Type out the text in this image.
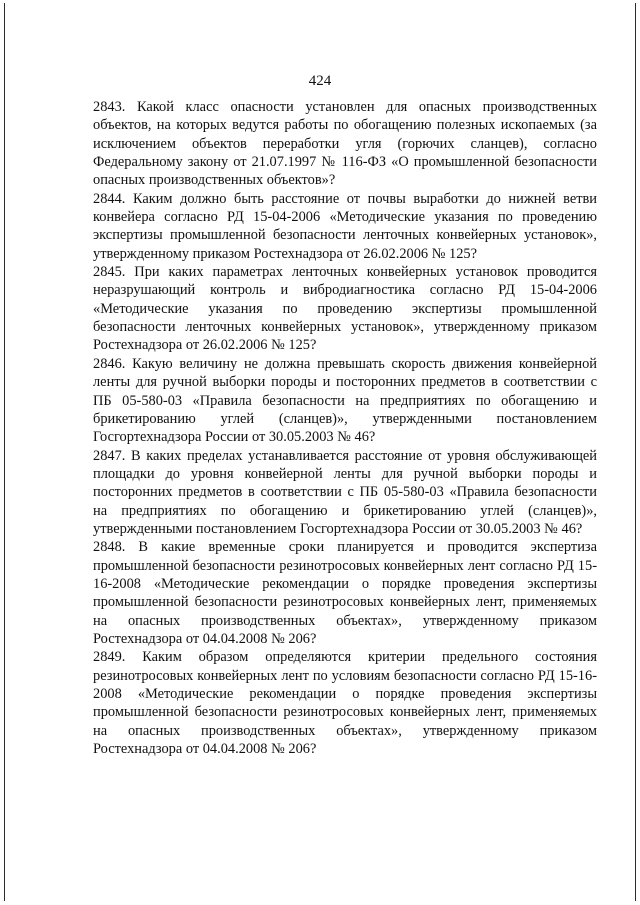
424

2843. Какой класс опасности установлен для опасных производственных объектов, на которых ведутся работы по обогащению полезных ископаемых (за исключением объектов переработки угля (горючих сланцев), согласно Федеральному закону от 21.07.1997 № 116-ФЗ «О промышленной безопасности опасных производственных объектов»?

2844. Каким должно быть расстояние от почвы выработки до нижней ветви конвейера согласно РД 15-04-2006 «Методические указания по проведению экспертизы промышленной безопасности ленточных конвейерных установок», утвержденному приказом Ростехнадзора от 26.02.2006 № 125?

2845. При каких параметрах ленточных конвейерных установок проводится неразрушающий контроль и вибродиагностика согласно РД 15-04-2006 «Методические указания по проведению экспертизы промышленной безопасности ленточных конвейерных установок», утвержденному приказом Ростехнадзора от 26.02.2006 № 125?

2846. Какую величину не должна превышать скорость движения конвейерной ленты для ручной выборки породы и посторонних предметов в соответствии с ПБ 05-580-03 «Правила безопасности на предприятиях по обогащению и брикетированию углей (сланцев)», утвержденными постановлением Госгортехнадзора России от 30.05.2003 № 46?

2847. В каких пределах устанавливается расстояние от уровня обслуживающей площадки до уровня конвейерной ленты для ручной выборки породы и посторонних предметов в соответствии с ПБ 05-580-03 «Правила безопасности на предприятиях по обогащению и брикетированию углей (сланцев)», утвержденными постановлением Госгортехнадзора России от 30.05.2003 № 46?

2848. В какие временные сроки планируется и проводится экспертиза промышленной безопасности резинотросовых конвейерных лент согласно РД 15-16-2008 «Методические рекомендации о порядке проведения экспертизы промышленной безопасности резинотросовых конвейерных лент, применяемых на опасных производственных объектах», утвержденному приказом Ростехнадзора от 04.04.2008 № 206?

2849. Каким образом определяются критерии предельного состояния резинотросовых конвейерных лент по условиям безопасности согласно РД 15-16-2008 «Методические рекомендации о порядке проведения экспертизы промышленной безопасности резинотросовых конвейерных лент, применяемых на опасных производственных объектах», утвержденному приказом Ростехнадзора от 04.04.2008 № 206?
